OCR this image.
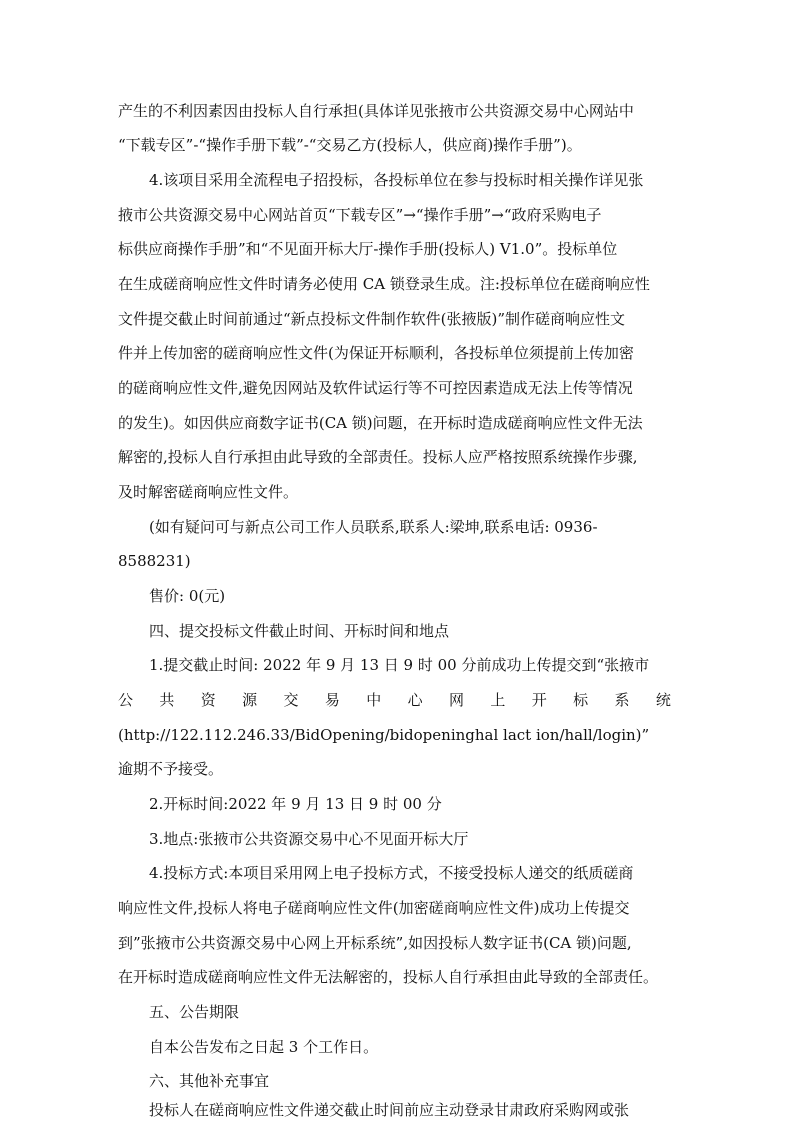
产生的不利因素因由投标人自行承担(具体详见张掖市公共资源交易中心网站中

“下载专区”-“操作手册下载”-“交易乙方(投标人，供应商)操作手册”)。

4.该项目采用全流程电子招投标，各投标单位在参与投标时相关操作详见张

掖市公共资源交易中心网站首页“下载专区”→“操作手册”→“政府采购电子

标供应商操作手册”和“不见面开标大厅-操作手册(投标人) V1.0”。投标单位

在生成磋商响应性文件时请务必使用 CA 锁登录生成。注:投标单位在磋商响应性

文件提交截止时间前通过“新点投标文件制作软件(张掖版)”制作磋商响应性文

件并上传加密的磋商响应性文件(为保证开标顺利，各投标单位须提前上传加密

的磋商响应性文件,避免因网站及软件试运行等不可控因素造成无法上传等情况

的发生)。如因供应商数字证书(CA 锁)问题，在开标时造成磋商响应性文件无法

解密的,投标人自行承担由此导致的全部责任。投标人应严格按照系统操作步骤,

及时解密磋商响应性文件。

(如有疑问可与新点公司工作人员联系,联系人:梁坤,联系电话: 0936-

8588231)

售价: 0(元)

四、提交投标文件截止时间、开标时间和地点

1.提交截止时间: 2022 年 9 月 13 日 9 时 00 分前成功上传提交到“张掖市

公 共 资 源 交 易 中 心 网 上 开 标 系 统

(http://122.112.246.33/BidOpening/bidopeninghal lact ion/hall/login)”

逾期不予接受。

2.开标时间:2022 年 9 月 13 日 9 时 00 分

3.地点:张掖市公共资源交易中心不见面开标大厅

4.投标方式:本项目采用网上电子投标方式，不接受投标人递交的纸质磋商

响应性文件,投标人将电子磋商响应性文件(加密磋商响应性文件)成功上传提交

到”张掖市公共资源交易中心网上开标系统”,如因投标人数字证书(CA 锁)问题,

在开标时造成磋商响应性文件无法解密的，投标人自行承担由此导致的全部责任。

五、公告期限

自本公告发布之日起 3 个工作日。

六、其他补充事宜

投标人在磋商响应性文件递交截止时间前应主动登录甘肃政府采购网或张
